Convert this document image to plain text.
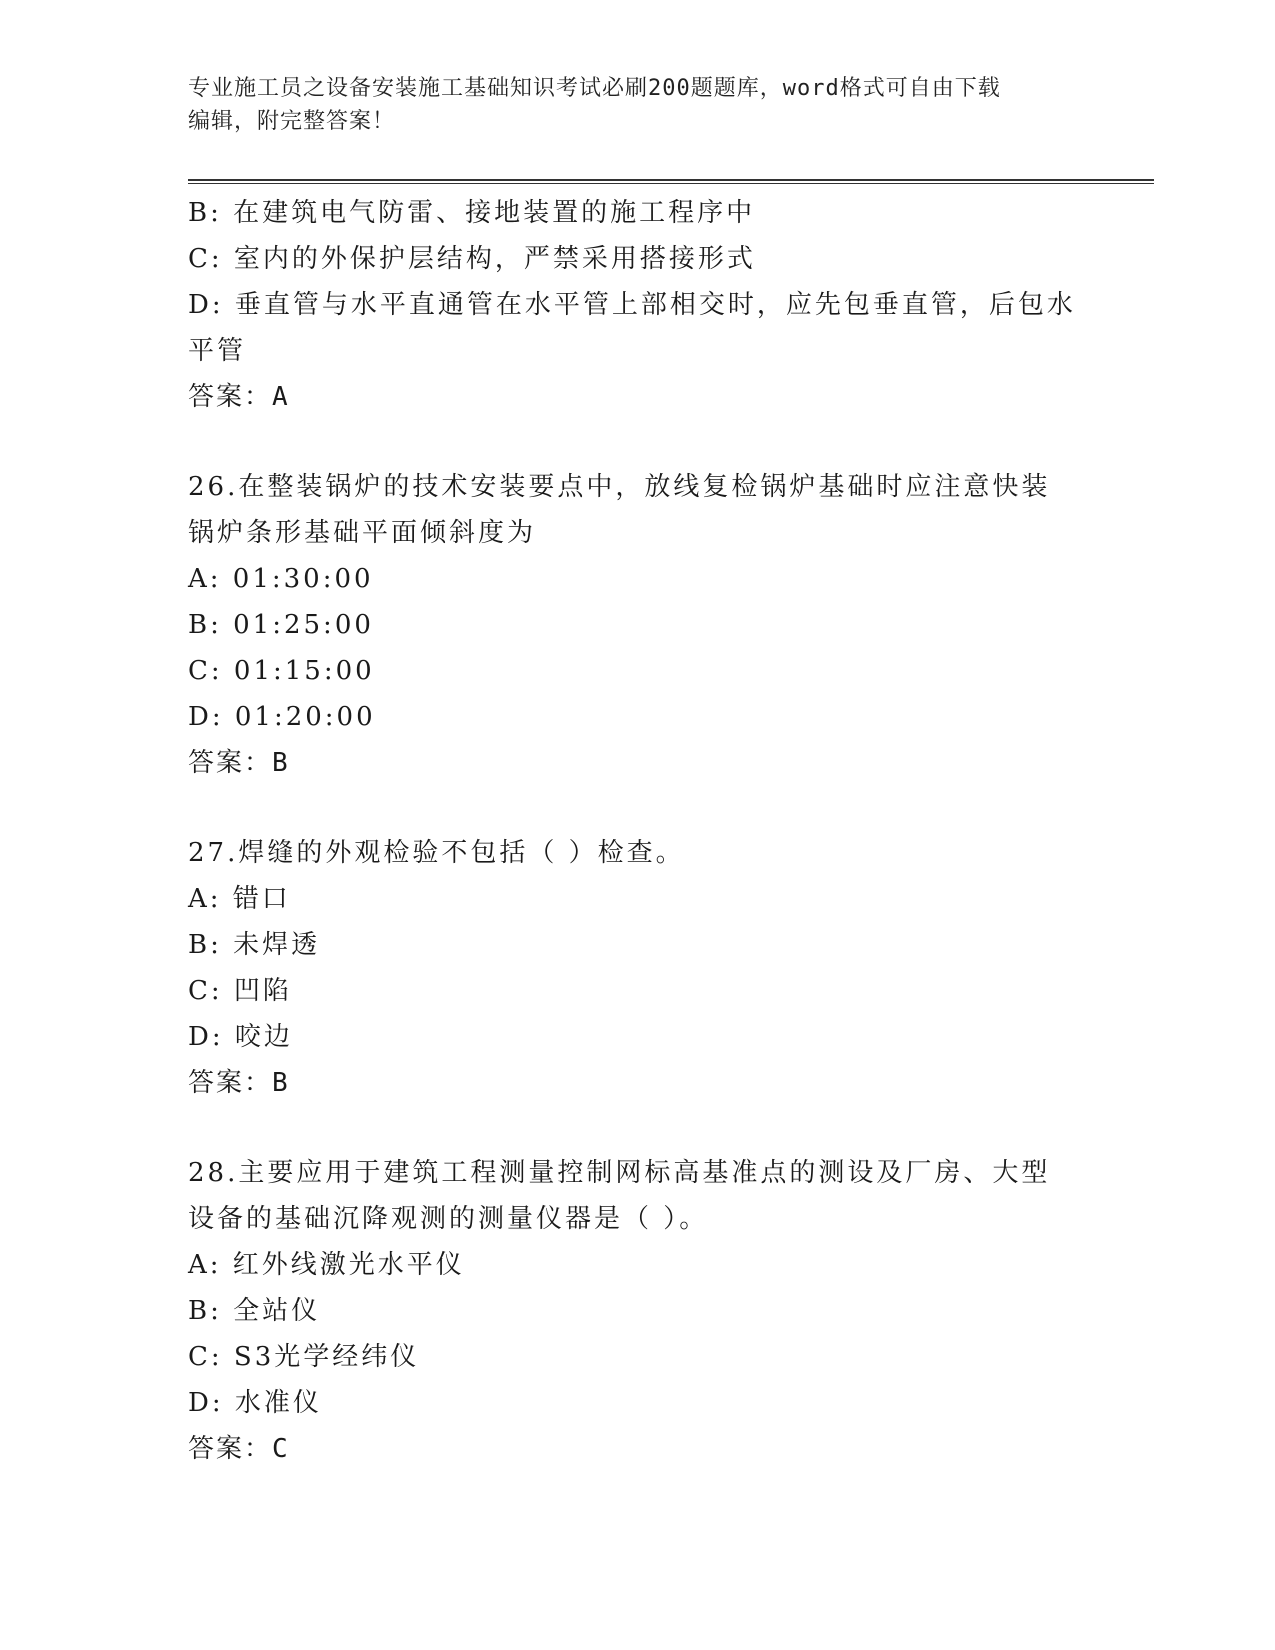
专业施工员之设备安装施工基础知识考试必刷200题题库，word格式可自由下载
编辑，附完整答案！
B: 在建筑电气防雷、接地装置的施工程序中
C: 室内的外保护层结构，严禁采用搭接形式
D: 垂直管与水平直通管在水平管上部相交时，应先包垂直管，后包水平管
答案：A
26.在整装锅炉的技术安装要点中，放线复检锅炉基础时应注意快装锅炉条形基础平面倾斜度为
A: 01:30:00
B: 01:25:00
C: 01:15:00
D: 01:20:00
答案：B
27.焊缝的外观检验不包括（ ）检查。
A: 错口
B: 未焊透
C: 凹陷
D: 咬边
答案：B
28.主要应用于建筑工程测量控制网标高基准点的测设及厂房、大型设备的基础沉降观测的测量仪器是（ ）。
A: 红外线激光水平仪
B: 全站仪
C: S3光学经纬仪
D: 水准仪
答案：C
